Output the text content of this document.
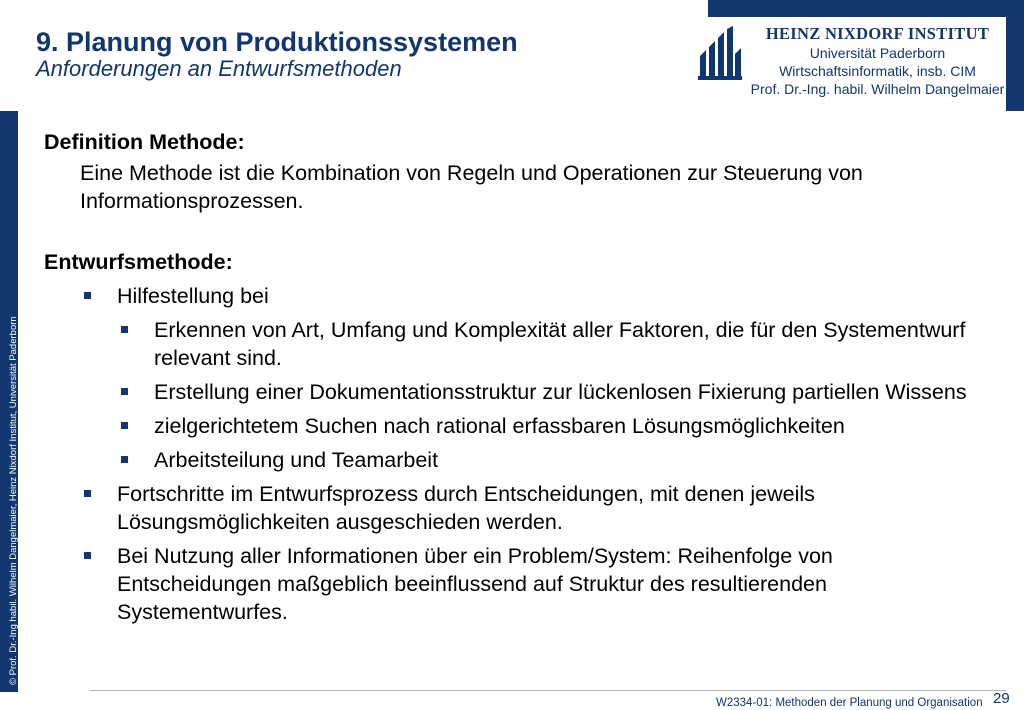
© Prof. Dr.-Ing habil. Wilhelm Dangelmaier, Heinz Nixdorf Institut, Universität Paderborn
9. Planung von Produktionssystemen
Anforderungen an Entwurfsmethoden
HEINZ NIXDORF INSTITUT
Universität Paderborn
Wirtschaftsinformatik, insb. CIM
Prof. Dr.-Ing. habil. Wilhelm Dangelmaier

Definition Methode:

Eine Methode ist die Kombination von Regeln und Operationen zur Steuerung von Informationsprozessen.

Entwurfsmethode:

Hilfestellung bei
Erkennen von Art, Umfang und Komplexität aller Faktoren, die für den Systementwurf relevant sind.
Erstellung einer Dokumentationsstruktur zur lückenlosen Fixierung partiellen Wissens
zielgerichtetem Suchen nach rational erfassbaren Lösungsmöglichkeiten
Arbeitsteilung und Teamarbeit
Fortschritte im Entwurfsprozess durch Entscheidungen, mit denen jeweils Lösungsmöglichkeiten ausgeschieden werden.
Bei Nutzung aller Informationen über ein Problem/System: Reihenfolge von Entscheidungen maßgeblich beeinflussend auf Struktur des resultierenden Systementwurfes.
W2334-01: Methoden der Planung und Organisation 29
